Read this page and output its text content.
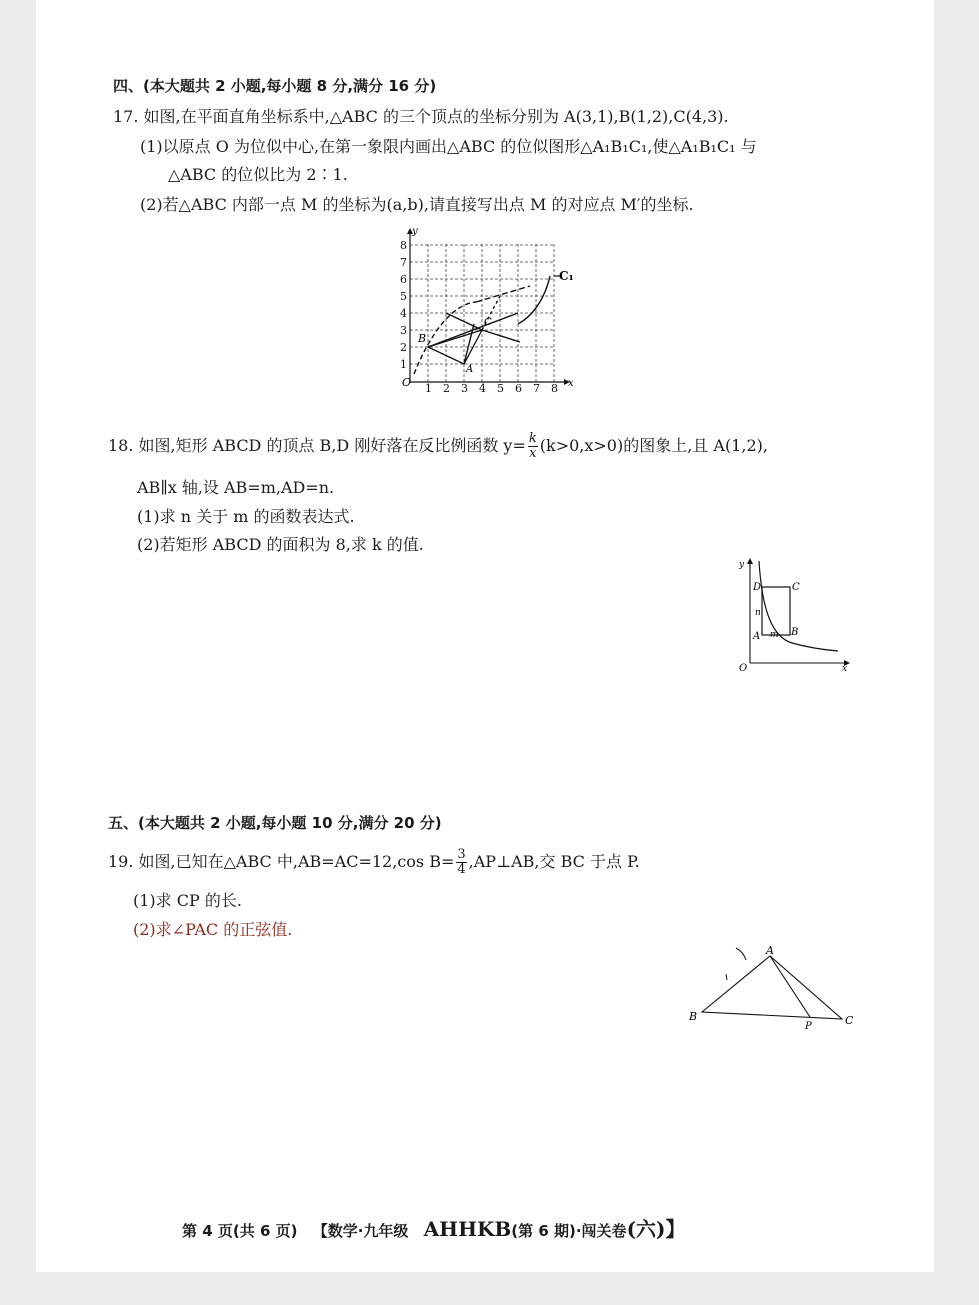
四、(本大题共 2 小题,每小题 8 分,满分 16 分)
17. 如图,在平面直角坐标系中,△ABC 的三个顶点的坐标分别为 A(3,1),B(1,2),C(4,3).
(1)以原点 O 为位似中心,在第一象限内画出△ABC 的位似图形△A₁B₁C₁,使△A₁B₁C₁ 与
△ABC 的位似比为 2∶1.
(2)若△ABC 内部一点 M 的坐标为(a,b),请直接写出点 M 的对应点 M′的坐标.
1 2 3 4 5 6 7 8
1
2
3
4
5
6
7
8
O	x
y
A
B
C
C₁
18. 如图,矩形 ABCD 的顶点 B,D 刚好落在反比例函数 $y= \frac{k}{x} (k>0,x>0)$的图象上,且 A(1,2),
AB∥x 轴,设 AB=m,AD=n.
(1)求 n 关于 m 的函数表达式.
(2)若矩形 ABCD 的面积为 8,求 k 的值.
y
x
O
D	C
A	B
m
n
五、(本大题共 2 小题,每小题 10 分,满分 20 分)
19. 如图,已知在△ABC 中,AB=AC=12,cos $B= \frac{3}{4}$ ,AP⊥AB,交 BC 于点 P.
(1)求 CP 的长.
(2)求∠PAC 的正弦值.
A
B	C
P
第 4 页(共 6 页) 【数学·九年级 AHHKB(第 6 期)·闯关卷(六)】
